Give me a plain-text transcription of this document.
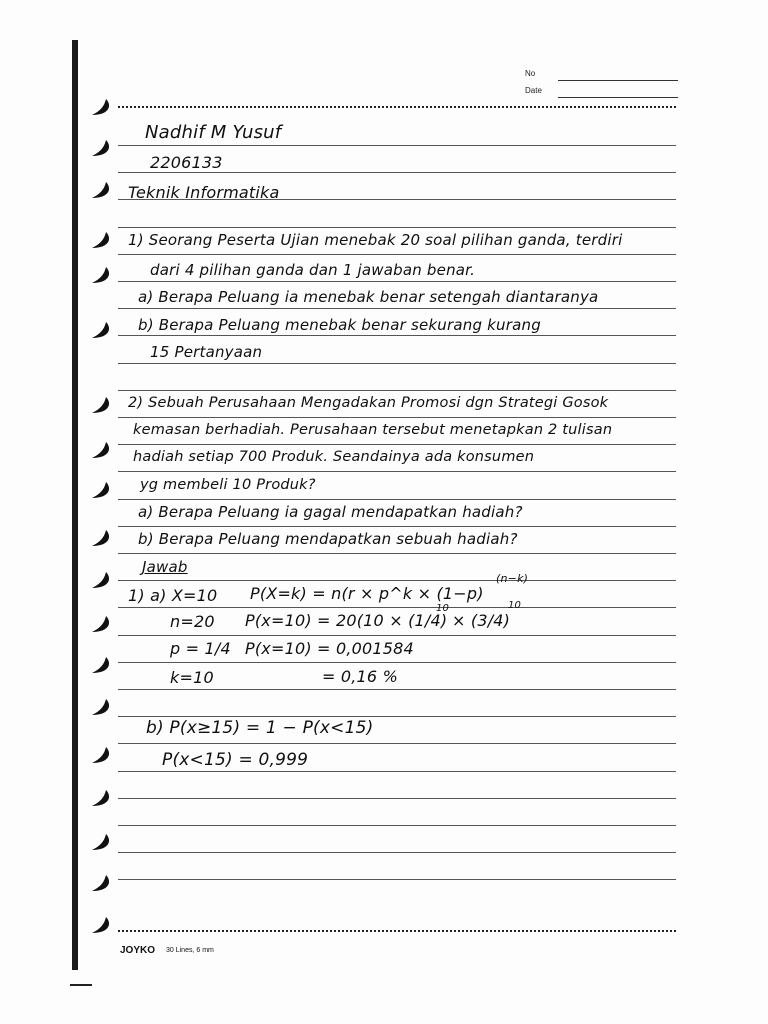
No
Date
Nadhif M Yusuf
2206133
Teknik Informatika
1) Seorang Peserta Ujian menebak 20 soal pilihan ganda, terdiri
dari 4 pilihan ganda dan 1 jawaban benar.
a) Berapa Peluang ia menebak benar setengah diantaranya
b) Berapa Peluang menebak benar sekurang kurang
15 Pertanyaan
2) Sebuah Perusahaan Mengadakan Promosi dgn Strategi Gosok
kemasan berhadiah. Perusahaan tersebut menetapkan 2 tulisan
hadiah setiap 700 Produk. Seandainya ada konsumen
yg membeli 10 Produk?
a) Berapa Peluang ia gagal mendapatkan hadiah?
b) Berapa Peluang mendapatkan sebuah hadiah?
Jawab
1) a) X=10 P(X=k) = n(r × p^k × (1−p)
(n−k)
n=20 P(x=10) = 20(10 × (1/4)
10
× (3/4)
10
p = 1/4 P(x=10) = 0,001584
k=10	= 0,16 %
b) P(x≥15) = 1 − P(x<15)
P(x<15) = 0,999
JOYKO 30 Lines, 6 mm
